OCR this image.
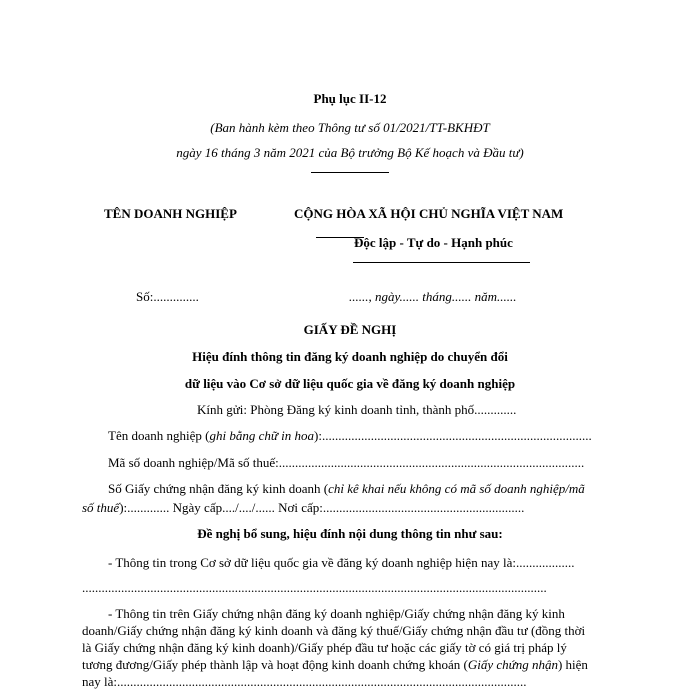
Phụ lục II-12
(Ban hành kèm theo Thông tư số 01/2021/TT-BKHĐT
ngày 16 tháng 3 năm 2021 của Bộ trưởng Bộ Kế hoạch và Đầu tư)
TÊN DOANH NGHIỆP	CỘNG HÒA XÃ HỘI CHỦ NGHĨA VIỆT NAM
Độc lập - Tự do - Hạnh phúc
Số:..............	......, ngày...... tháng...... năm......
GIẤY ĐỀ NGHỊ
Hiệu đính thông tin đăng ký doanh nghiệp do chuyển đổi
dữ liệu vào Cơ sở dữ liệu quốc gia về đăng ký doanh nghiệp
Kính gửi: Phòng Đăng ký kinh doanh tỉnh, thành phố.............
Tên doanh nghiệp (ghi bằng chữ in hoa):...................................................................................
Mã số doanh nghiệp/Mã số thuế:..............................................................................................
Số Giấy chứng nhận đăng ký kinh doanh (chỉ kê khai nếu không có mã số doanh nghiệp/mã
số thuế):............. Ngày cấp..../..../...... Nơi cấp:..............................................................
Đề nghị bổ sung, hiệu đính nội dung thông tin như sau:
- Thông tin trong Cơ sở dữ liệu quốc gia về đăng ký doanh nghiệp hiện nay là:..................
...............................................................................................................................................
- Thông tin trên Giấy chứng nhận đăng ký doanh nghiệp/Giấy chứng nhận đăng ký kinh
doanh/Giấy chứng nhận đăng ký kinh doanh và đăng ký thuế/Giấy chứng nhận đầu tư (đồng thời
là Giấy chứng nhận đăng ký kinh doanh)/Giấy phép đầu tư hoặc các giấy tờ có giá trị pháp lý
tương đương/Giấy phép thành lập và hoạt động kinh doanh chứng khoán (Giấy chứng nhận) hiện
nay là:..............................................................................................................................
